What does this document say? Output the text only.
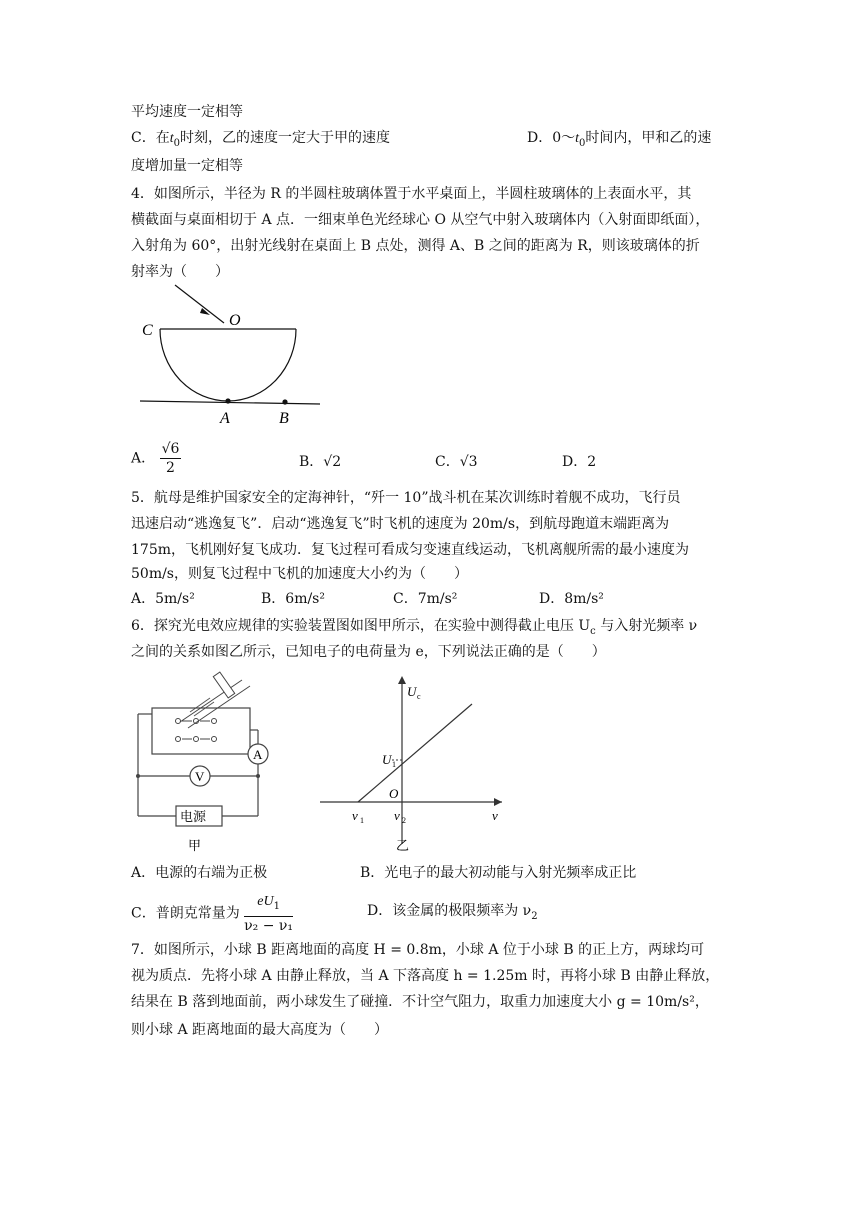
平均速度一定相等
C．在$t_0$时刻，乙的速度一定大于甲的速度	D．$0\sim t_0$时间内，甲和乙的速
度增加量一定相等
4．如图所示，半径为 R 的半圆柱玻璃体置于水平桌面上，半圆柱玻璃体的上表面水平，其
横截面与桌面相切于 A 点．一细束单色光经球心 O 从空气中射入玻璃体内（入射面即纸面），
入射角为 60°，出射光线射在桌面上 B 点处，测得 A、B 之间的距离为 R，则该玻璃体的折
射率为（　　）
C
O
A	B
A． $\frac{√6}{2}$	B．√2	C．√3	D．2
5．航母是维护国家安全的定海神针，“歼一 10”战斗机在某次训练时着舰不成功，飞行员
迅速启动“逃逸复飞”．启动“逃逸复飞”时飞机的速度为 20m/s，到航母跑道末端距离为
175m，飞机刚好复飞成功．复飞过程可看成匀变速直线运动，飞机离舰所需的最小速度为
50m/s，则复飞过程中飞机的加速度大小约为（　　）
A．5m/s²	B．6m/s²	C．7m/s²	D．8m/s²
6．探究光电效应规律的实验装置图如图甲所示，在实验中测得截止电压 $U_c$ 与入射光频率 ν
之间的关系如图乙所示，已知电子的电荷量为 e，下列说法正确的是（　　）
A
V
电源
甲
U c
U 1
O
ν 1 ν 2	ν
乙
A．电源的右端为正极	B．光电子的最大初动能与入射光频率成正比
C．普朗克常量为 $\frac{eU_1}{\text{ν₂ − ν₁}}$	D．该金属的极限频率为 $\nu_2$
7．如图所示，小球 B 距离地面的高度 H = 0.8m，小球 A 位于小球 B 的正上方，两球均可
视为质点．先将小球 A 由静止释放，当 A 下落高度 h = 1.25m 时，再将小球 B 由静止释放，
结果在 B 落到地面前，两小球发生了碰撞．不计空气阻力，取重力加速度大小 g = 10m/s²，
则小球 A 距离地面的最大高度为（　　）
